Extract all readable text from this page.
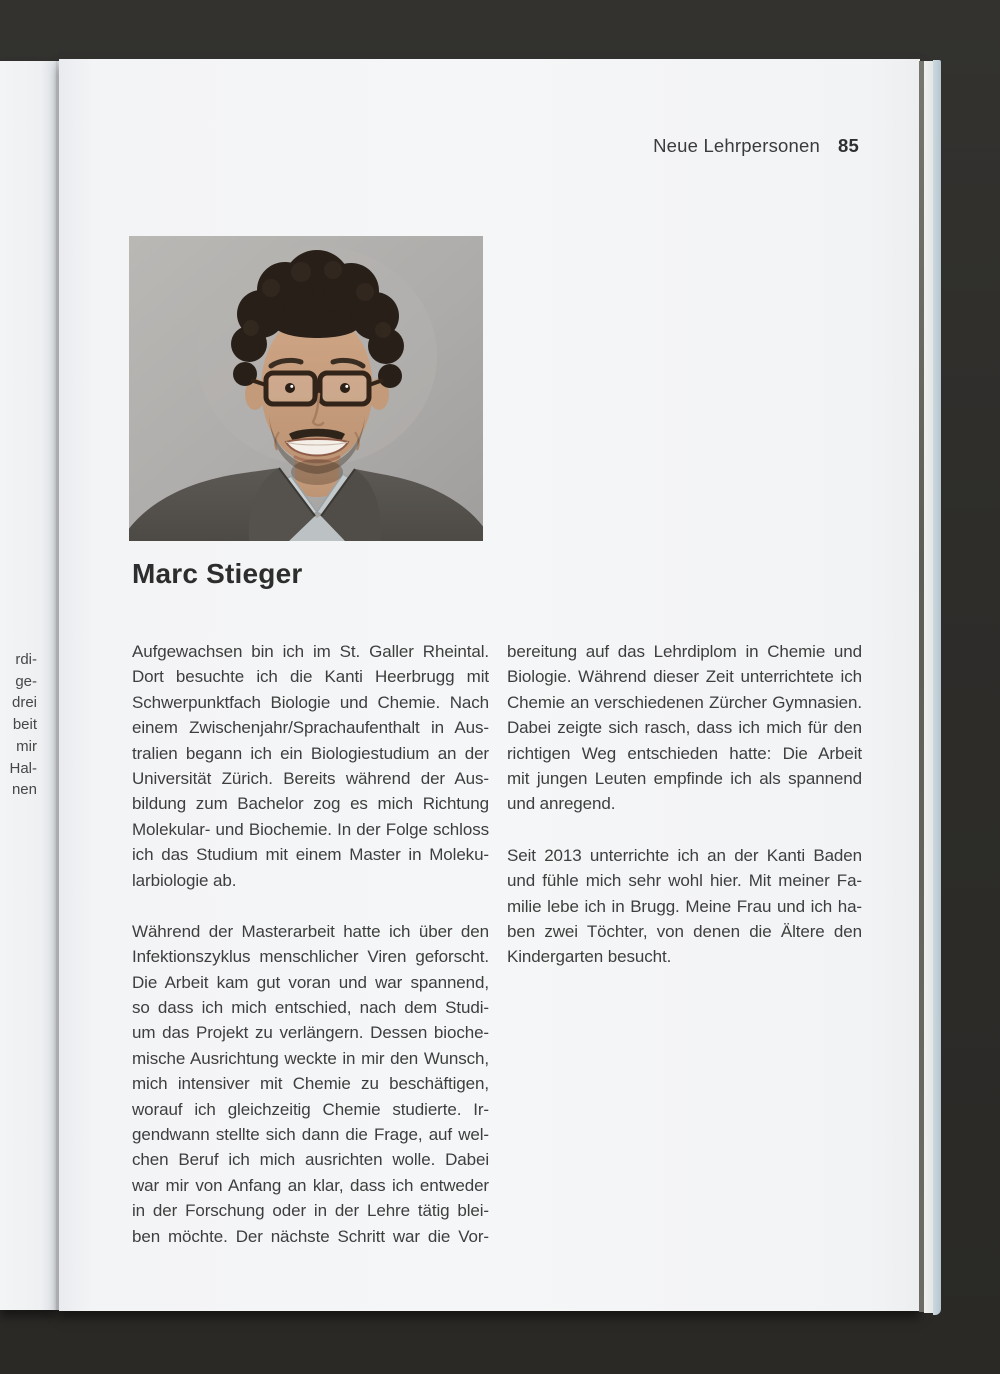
rdi-
ge-
drei
beit
mir
Hal-
nen
Neue Lehrpersonen 85
Marc Stieger
Aufgewachsen bin ich im St. Galler Rheintal.
Dort besuchte ich die Kanti Heerbrugg mit
Schwerpunktfach Biologie und Chemie. Nach
einem Zwischenjahr/Sprachaufenthalt in Aus-
tralien begann ich ein Biologiestudium an der
Universität Zürich. Bereits während der Aus-
bildung zum Bachelor zog es mich Richtung
Molekular- und Biochemie. In der Folge schloss
ich das Studium mit einem Master in Moleku-
larbiologie ab.
Während der Masterarbeit hatte ich über den
Infektionszyklus menschlicher Viren geforscht.
Die Arbeit kam gut voran und war spannend,
so dass ich mich entschied, nach dem Studi-
um das Projekt zu verlängern. Dessen bioche-
mische Ausrichtung weckte in mir den Wunsch,
mich intensiver mit Chemie zu beschäftigen,
worauf ich gleichzeitig Chemie studierte. Ir-
gendwann stellte sich dann die Frage, auf wel-
chen Beruf ich mich ausrichten wolle. Dabei
war mir von Anfang an klar, dass ich entweder
in der Forschung oder in der Lehre tätig blei-
ben möchte. Der nächste Schritt war die Vor-
bereitung auf das Lehrdiplom in Chemie und
Biologie. Während dieser Zeit unterrichtete ich
Chemie an verschiedenen Zürcher Gymnasien.
Dabei zeigte sich rasch, dass ich mich für den
richtigen Weg entschieden hatte: Die Arbeit
mit jungen Leuten empfinde ich als spannend
und anregend.
Seit 2013 unterrichte ich an der Kanti Baden
und fühle mich sehr wohl hier. Mit meiner Fa-
milie lebe ich in Brugg. Meine Frau und ich ha-
ben zwei Töchter, von denen die Ältere den
Kindergarten besucht.
